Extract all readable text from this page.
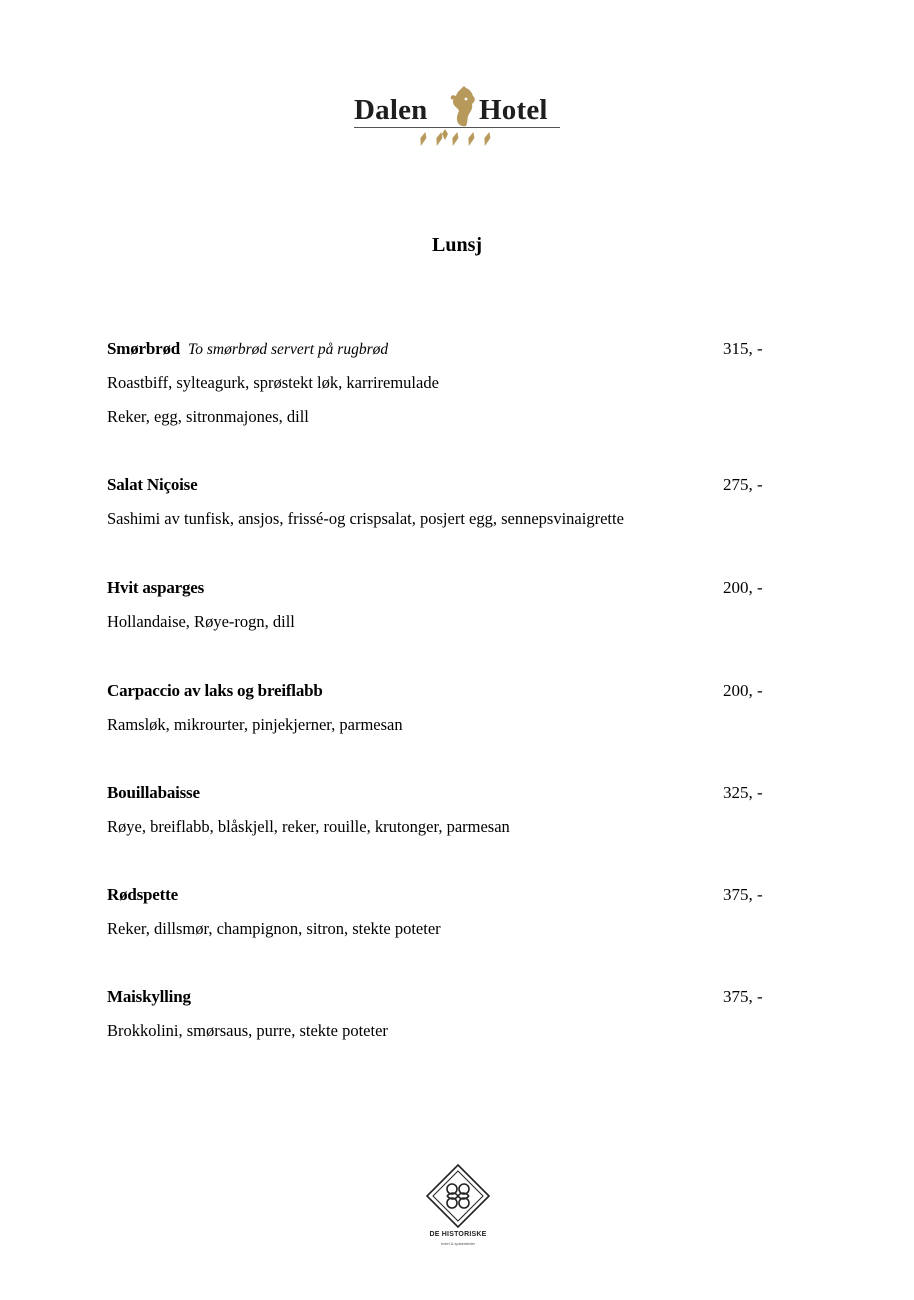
Dalen Hotel
Lunsj
Smørbrød To smørbrød servert på rugbrød	315, -
Roastbiff, sylteagurk, sprøstekt løk, karriremulade
Reker, egg, sitronmajones, dill
Salat Niçoise	275, -
Sashimi av tunfisk, ansjos, frissé-og crispsalat, posjert egg, sennepsvinaigrette
Hvit asparges	200, -
Hollandaise, Røye-rogn, dill
Carpaccio av laks og breiflabb	200, -
Ramsløk, mikrourter, pinjekjerner, parmesan
Bouillabaisse	325, -
Røye, breiflabb, blåskjell, reker, rouille, krutonger, parmesan
Rødspette	375, -
Reker, dillsmør, champignon, sitron, stekte poteter
Maiskylling	375, -
Brokkolini, smørsaus, purre, stekte poteter
DE HISTORISKE
hotel & spisesteder
